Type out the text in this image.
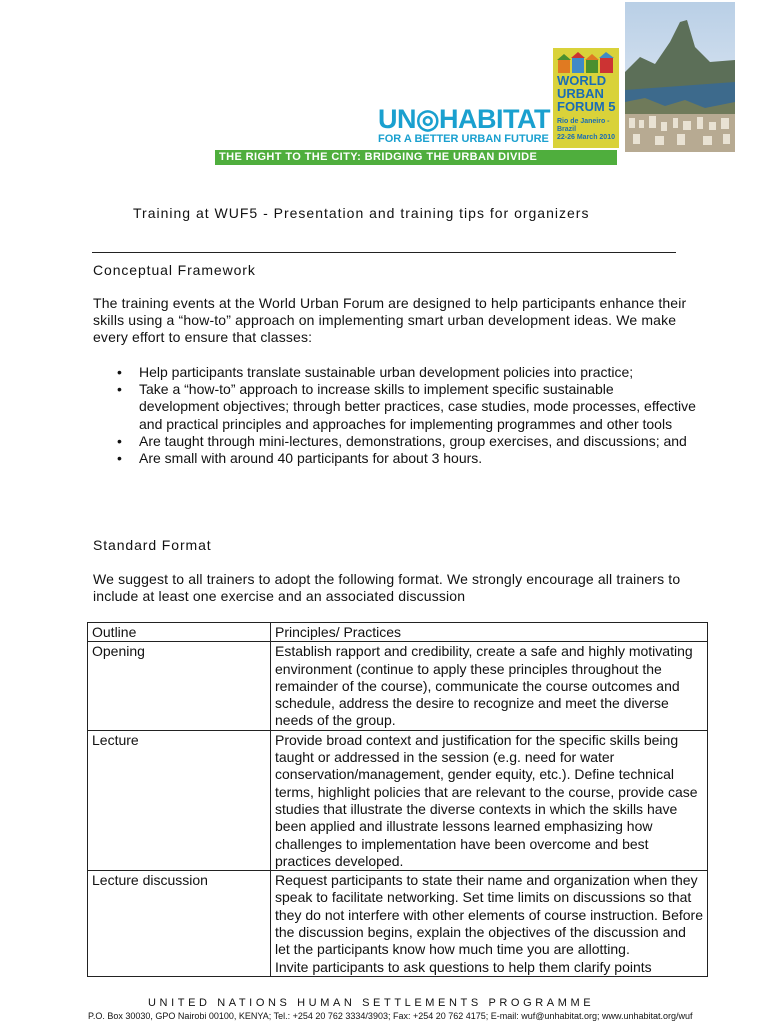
UN◎HABITAT
FOR A BETTER URBAN FUTURE
WORLD
URBAN
FORUM 5
Rio de Janeiro - Brazil
22-26 March 2010
THE RIGHT TO THE CITY: BRIDGING THE URBAN DIVIDE
Training at WUF5 - Presentation and training tips for organizers
Conceptual Framework
The training events at the World Urban Forum are designed to help participants enhance their skills using a “how-to” approach on implementing smart urban development ideas. We make every effort to ensure that classes:
• Help participants translate sustainable urban development policies into practice;
• Take a “how-to” approach to increase skills to implement specific sustainable development objectives; through better practices, case studies, mode processes, effective and practical principles and approaches for implementing programmes and other tools
• Are taught through mini-lectures, demonstrations, group exercises, and discussions; and
• Are small with around 40 participants for about 3 hours.
Standard Format
We suggest to all trainers to adopt the following format. We strongly encourage all trainers to include at least one exercise and an associated discussion
Outline	Principles/ Practices
Opening	Establish rapport and credibility, create a safe and highly motivating environment (continue to apply these principles throughout the remainder of the course), communicate the course outcomes and schedule, address the desire to recognize and meet the diverse needs of the group.
Lecture	Provide broad context and justification for the specific skills being taught or addressed in the session (e.g. need for water conservation/management, gender equity, etc.). Define technical terms, highlight policies that are relevant to the course, provide case studies that illustrate the diverse contexts in which the skills have been applied and illustrate lessons learned emphasizing how challenges to implementation have been overcome and best practices developed.
Lecture discussion	Request participants to state their name and organization when they speak to facilitate networking. Set time limits on discussions so that they do not interfere with other elements of course instruction. Before the discussion begins, explain the objectives of the discussion and let the participants know how much time you are allotting.
Invite participants to ask questions to help them clarify points
UNITED NATIONS HUMAN SETTLEMENTS PROGRAMME
P.O. Box 30030, GPO Nairobi 00100, KENYA; Tel.: +254 20 762 3334/3903; Fax: +254 20 762 4175; E-mail: wuf@unhabitat.org; www.unhabitat.org/wuf
